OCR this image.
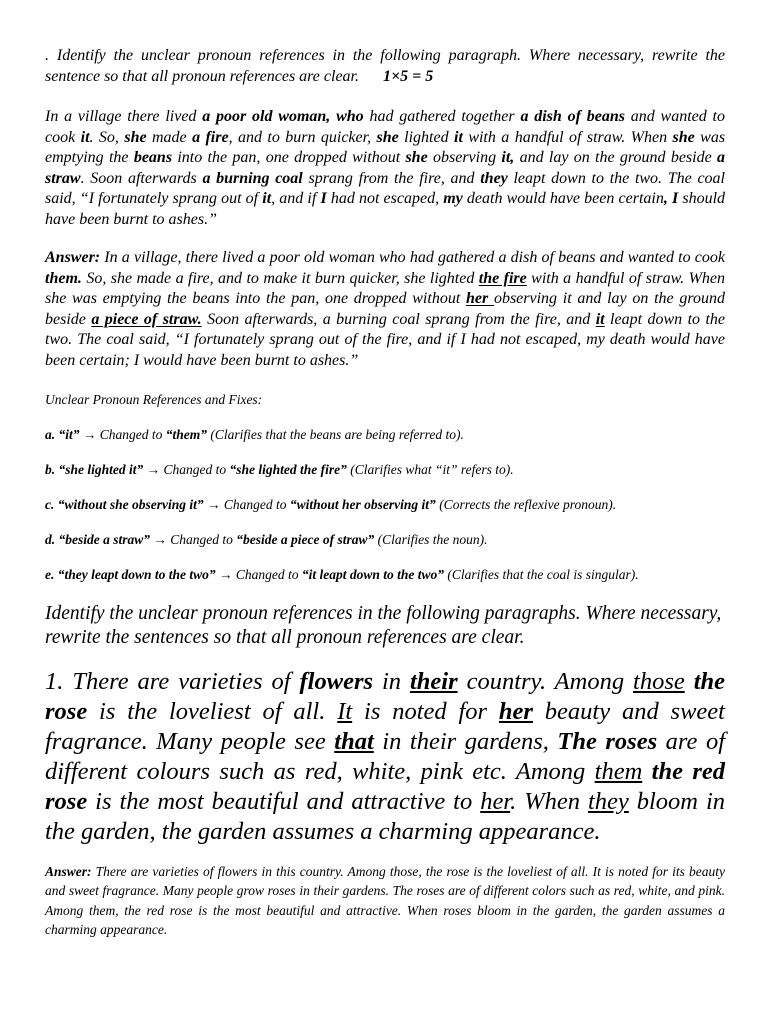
. Identify the unclear pronoun references in the following paragraph. Where necessary, rewrite the sentence so that all pronoun references are clear. 1×5 = 5

In a village there lived a poor old woman, who had gathered together a dish of beans and wanted to cook it. So, she made a fire, and to burn quicker, she lighted it with a handful of straw. When she was emptying the beans into the pan, one dropped without she observing it, and lay on the ground beside a straw. Soon afterwards a burning coal sprang from the fire, and they leapt down to the two. The coal said, “I fortunately sprang out of it, and if I had not escaped, my death would have been certain, I should have been burnt to ashes.”

Answer: In a village, there lived a poor old woman who had gathered a dish of beans and wanted to cook them. So, she made a fire, and to make it burn quicker, she lighted the fire with a handful of straw. When she was emptying the beans into the pan, one dropped without her observing it and lay on the ground beside a piece of straw. Soon afterwards, a burning coal sprang from the fire, and it leapt down to the two. The coal said, “I fortunately sprang out of the fire, and if I had not escaped, my death would have been certain; I would have been burnt to ashes.”

Unclear Pronoun References and Fixes:

a. “it” → Changed to “them” (Clarifies that the beans are being referred to).

b. “she lighted it” → Changed to “she lighted the fire” (Clarifies what “it” refers to).

c. “without she observing it” → Changed to “without her observing it” (Corrects the reflexive pronoun).

d. “beside a straw” → Changed to “beside a piece of straw” (Clarifies the noun).

e. “they leapt down to the two” → Changed to “it leapt down to the two” (Clarifies that the coal is singular).

Identify the unclear pronoun references in the following paragraphs. Where necessary, rewrite the sentences so that all pronoun references are clear.

1. There are varieties of flowers in their country. Among those the rose is the loveliest of all. It is noted for her beauty and sweet fragrance. Many people see that in their gardens, The roses are of different colours such as red, white, pink etc. Among them the red rose is the most beautiful and attractive to her. When they bloom in the garden, the garden assumes a charming appearance.

Answer: There are varieties of flowers in this country. Among those, the rose is the loveliest of all. It is noted for its beauty and sweet fragrance. Many people grow roses in their gardens. The roses are of different colors such as red, white, and pink. Among them, the red rose is the most beautiful and attractive. When roses bloom in the garden, the garden assumes a charming appearance.
